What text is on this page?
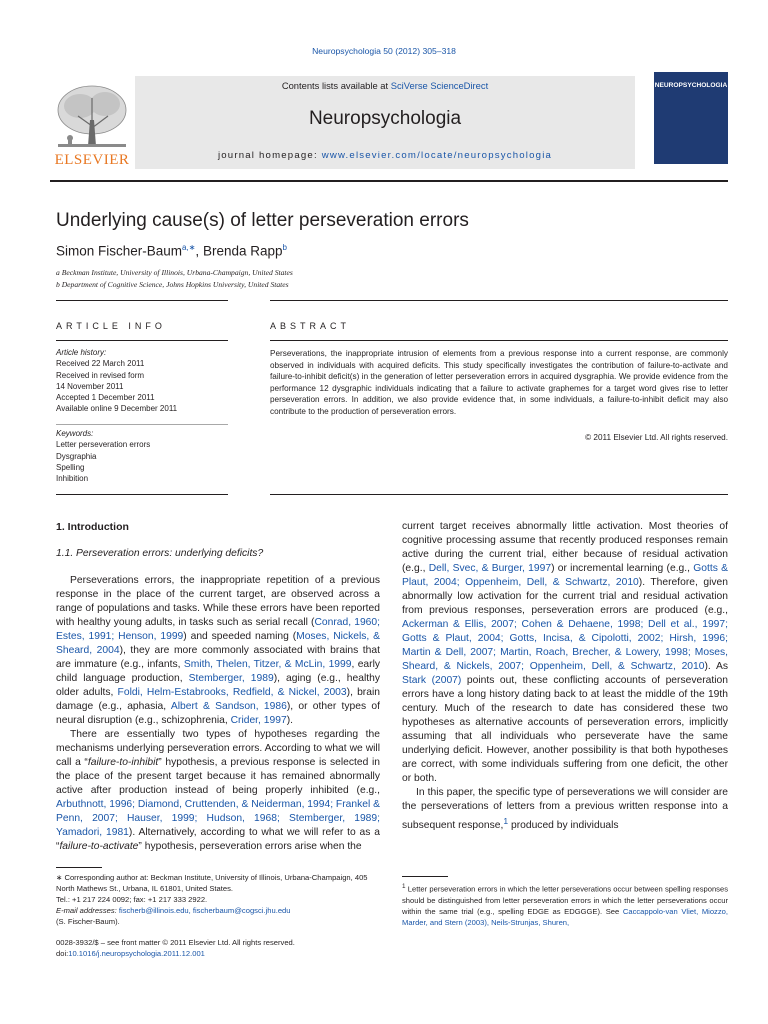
Neuropsychologia 50 (2012) 305–318
Contents lists available at SciVerse ScienceDirect
Neuropsychologia
journal homepage: www.elsevier.com/locate/neuropsychologia
ELSEVIER
NEUROPSYCHOLOGIA
Underlying cause(s) of letter perseveration errors
Simon Fischer-Baum$^{a,∗}$, Brenda Rapp$^b$
a Beckman Institute, University of Illinois, Urbana-Champaign, United States
b Department of Cognitive Science, Johns Hopkins University, United States
ARTICLE INFO	ABSTRACT
Article history:
Received 22 March 2011
Received in revised form
14 November 2011
Accepted 1 December 2011
Available online 9 December 2011
Keywords:
Letter perseveration errors
Dysgraphia
Spelling
Inhibition
Perseverations, the inappropriate intrusion of elements from a previous response into a current response, are commonly observed in individuals with acquired deficits. This study specifically investigates the contribution of failure-to-activate and failure-to-inhibit deficit(s) in the generation of letter perseveration errors in acquired dysgraphia. We provide evidence from the performance 12 dysgraphic individuals indicating that a failure to activate graphemes for a target word gives rise to letter perseveration errors. In addition, we also provide evidence that, in some individuals, a failure-to-inhibit deficit may also contribute to the production of perseveration errors.
© 2011 Elsevier Ltd. All rights reserved.
1. Introduction
1.1. Perseveration errors: underlying deficits?

Perseverations errors, the inappropriate repetition of a previous response in the place of the current target, are observed across a range of populations and tasks. While these errors have been reported with healthy young adults, in tasks such as serial recall (Conrad, 1960; Estes, 1991; Henson, 1999) and speeded naming (Moses, Nickels, & Sheard, 2004), they are more commonly associated with brains that are immature (e.g., infants, Smith, Thelen, Titzer, & McLin, 1999, early child language production, Stemberger, 1989), aging (e.g., healthy older adults, Foldi, Helm-Estabrooks, Redfield, & Nickel, 2003), brain damage (e.g., aphasia, Albert & Sandson, 1986), or other types of neural disruption (e.g., schizophrenia, Crider, 1997).

There are essentially two types of hypotheses regarding the mechanisms underlying perseveration errors. According to what we will call a “failure-to-inhibit” hypothesis, a previous response is selected in the place of the present target because it has remained abnormally active after production instead of being properly inhibited (e.g., Arbuthnott, 1996; Diamond, Cruttenden, & Neiderman, 1994; Frankel & Penn, 2007; Hauser, 1999; Hudson, 1968; Stemberger, 1989; Yamadori, 1981). Alternatively, according to what we will refer to as a “failure-to-activate” hypothesis, perseveration errors arise when the

current target receives abnormally little activation. Most theories of cognitive processing assume that recently produced responses remain active during the current trial, either because of residual activation (e.g., Dell, Svec, & Burger, 1997) or incremental learning (e.g., Gotts & Plaut, 2004; Oppenheim, Dell, & Schwartz, 2010). Therefore, given abnormally low activation for the current trial and residual activation from previous responses, perseveration errors are produced (e.g., Ackerman & Ellis, 2007; Cohen & Dehaene, 1998; Dell et al., 1997; Gotts & Plaut, 2004; Gotts, Incisa, & Cipolotti, 2002; Hirsh, 1996; Martin & Dell, 2007; Martin, Roach, Brecher, & Lowery, 1998; Moses, Sheard, & Nickels, 2007; Oppenheim, Dell, & Schwartz, 2010). As Stark (2007) points out, these conflicting accounts of perseveration errors have a long history dating back to at least the middle of the 19th century. Much of the research to date has considered these two hypotheses as alternative accounts of perseveration errors, implicitly assuming that all individuals who perseverate have the same underlying deficit. However, another possibility is that both hypotheses are correct, with some individuals suffering from one deficit, the other or both.

In this paper, the specific type of perseverations we will consider are the perseverations of letters from a previous written response into a subsequent response,$^1$ produced by individuals

∗ Corresponding author at: Beckman Institute, University of Illinois, Urbana-Champaign, 405 North Mathews St., Urbana, IL 61801, United States.

Tel.: +1 217 224 0092; fax: +1 217 333 2922.

E-mail addresses: fischerb@illinois.edu, fischerbaum@cogsci.jhu.edu

(S. Fischer-Baum).

$^1$ Letter perseveration errors in which the letter perseverations occur between spelling responses should be distinguished from letter perseveration errors in which the letter perseverations occur within the same trial (e.g., spelling EDGE as EDGGGE). See Caccappolo-van Vliet, Miozzo, Marder, and Stern (2003), Neils-Strunjas, Shuren,

0028-3932/$ – see front matter © 2011 Elsevier Ltd. All rights reserved.

doi:10.1016/j.neuropsychologia.2011.12.001
